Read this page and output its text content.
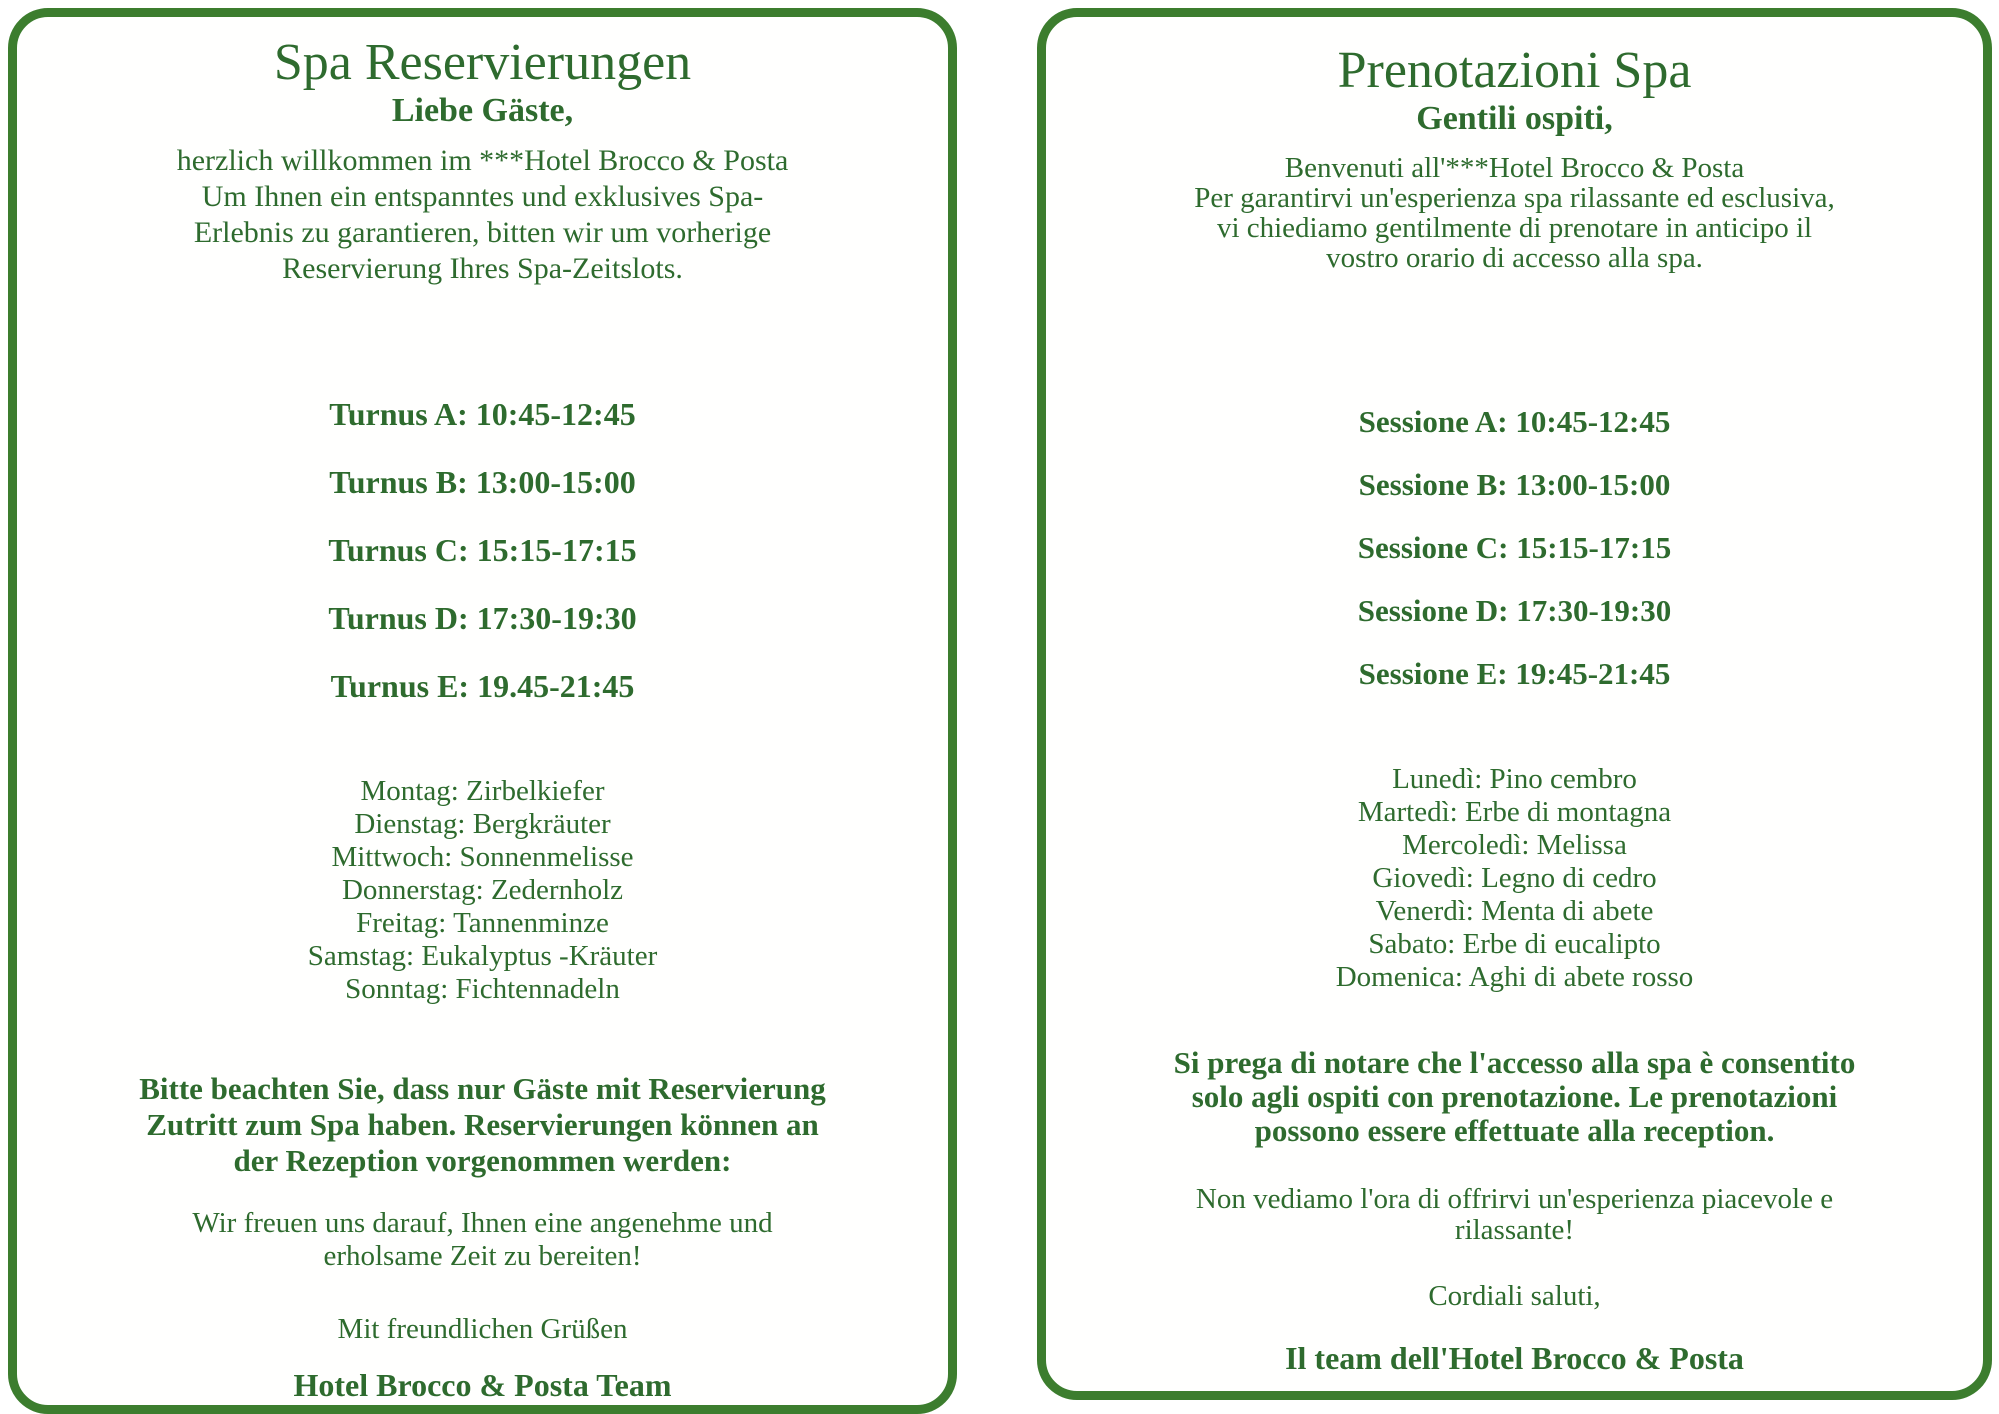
Spa Reservierungen
Liebe Gäste,
herzlich willkommen im ***Hotel Brocco & Posta
Um Ihnen ein entspanntes und exklusives Spa-
Erlebnis zu garantieren, bitten wir um vorherige
Reservierung Ihres Spa-Zeitslots.
Turnus A: 10:45-12:45
Turnus B: 13:00-15:00
Turnus C: 15:15-17:15
Turnus D: 17:30-19:30
Turnus E: 19.45-21:45
Montag: Zirbelkiefer
Dienstag: Bergkräuter
Mittwoch: Sonnenmelisse
Donnerstag: Zedernholz
Freitag: Tannenminze
Samstag: Eukalyptus -Kräuter
Sonntag: Fichtennadeln
Bitte beachten Sie, dass nur Gäste mit Reservierung
Zutritt zum Spa haben. Reservierungen können an
der Rezeption vorgenommen werden:
Wir freuen uns darauf, Ihnen eine angenehme und
erholsame Zeit zu bereiten!
Mit freundlichen Grüßen
Hotel Brocco & Posta Team
Prenotazioni Spa
Gentili ospiti,
Benvenuti all'***Hotel Brocco & Posta
Per garantirvi un'esperienza spa rilassante ed esclusiva,
vi chiediamo gentilmente di prenotare in anticipo il
vostro orario di accesso alla spa.
Sessione A: 10:45-12:45
Sessione B: 13:00-15:00
Sessione C: 15:15-17:15
Sessione D: 17:30-19:30
Sessione E: 19:45-21:45
Lunedì: Pino cembro
Martedì: Erbe di montagna
Mercoledì: Melissa
Giovedì: Legno di cedro
Venerdì: Menta di abete
Sabato: Erbe di eucalipto
Domenica: Aghi di abete rosso
Si prega di notare che l'accesso alla spa è consentito
solo agli ospiti con prenotazione. Le prenotazioni
possono essere effettuate alla reception.
Non vediamo l'ora di offrirvi un'esperienza piacevole e
rilassante!
Cordiali saluti,
Il team dell'Hotel Brocco & Posta
